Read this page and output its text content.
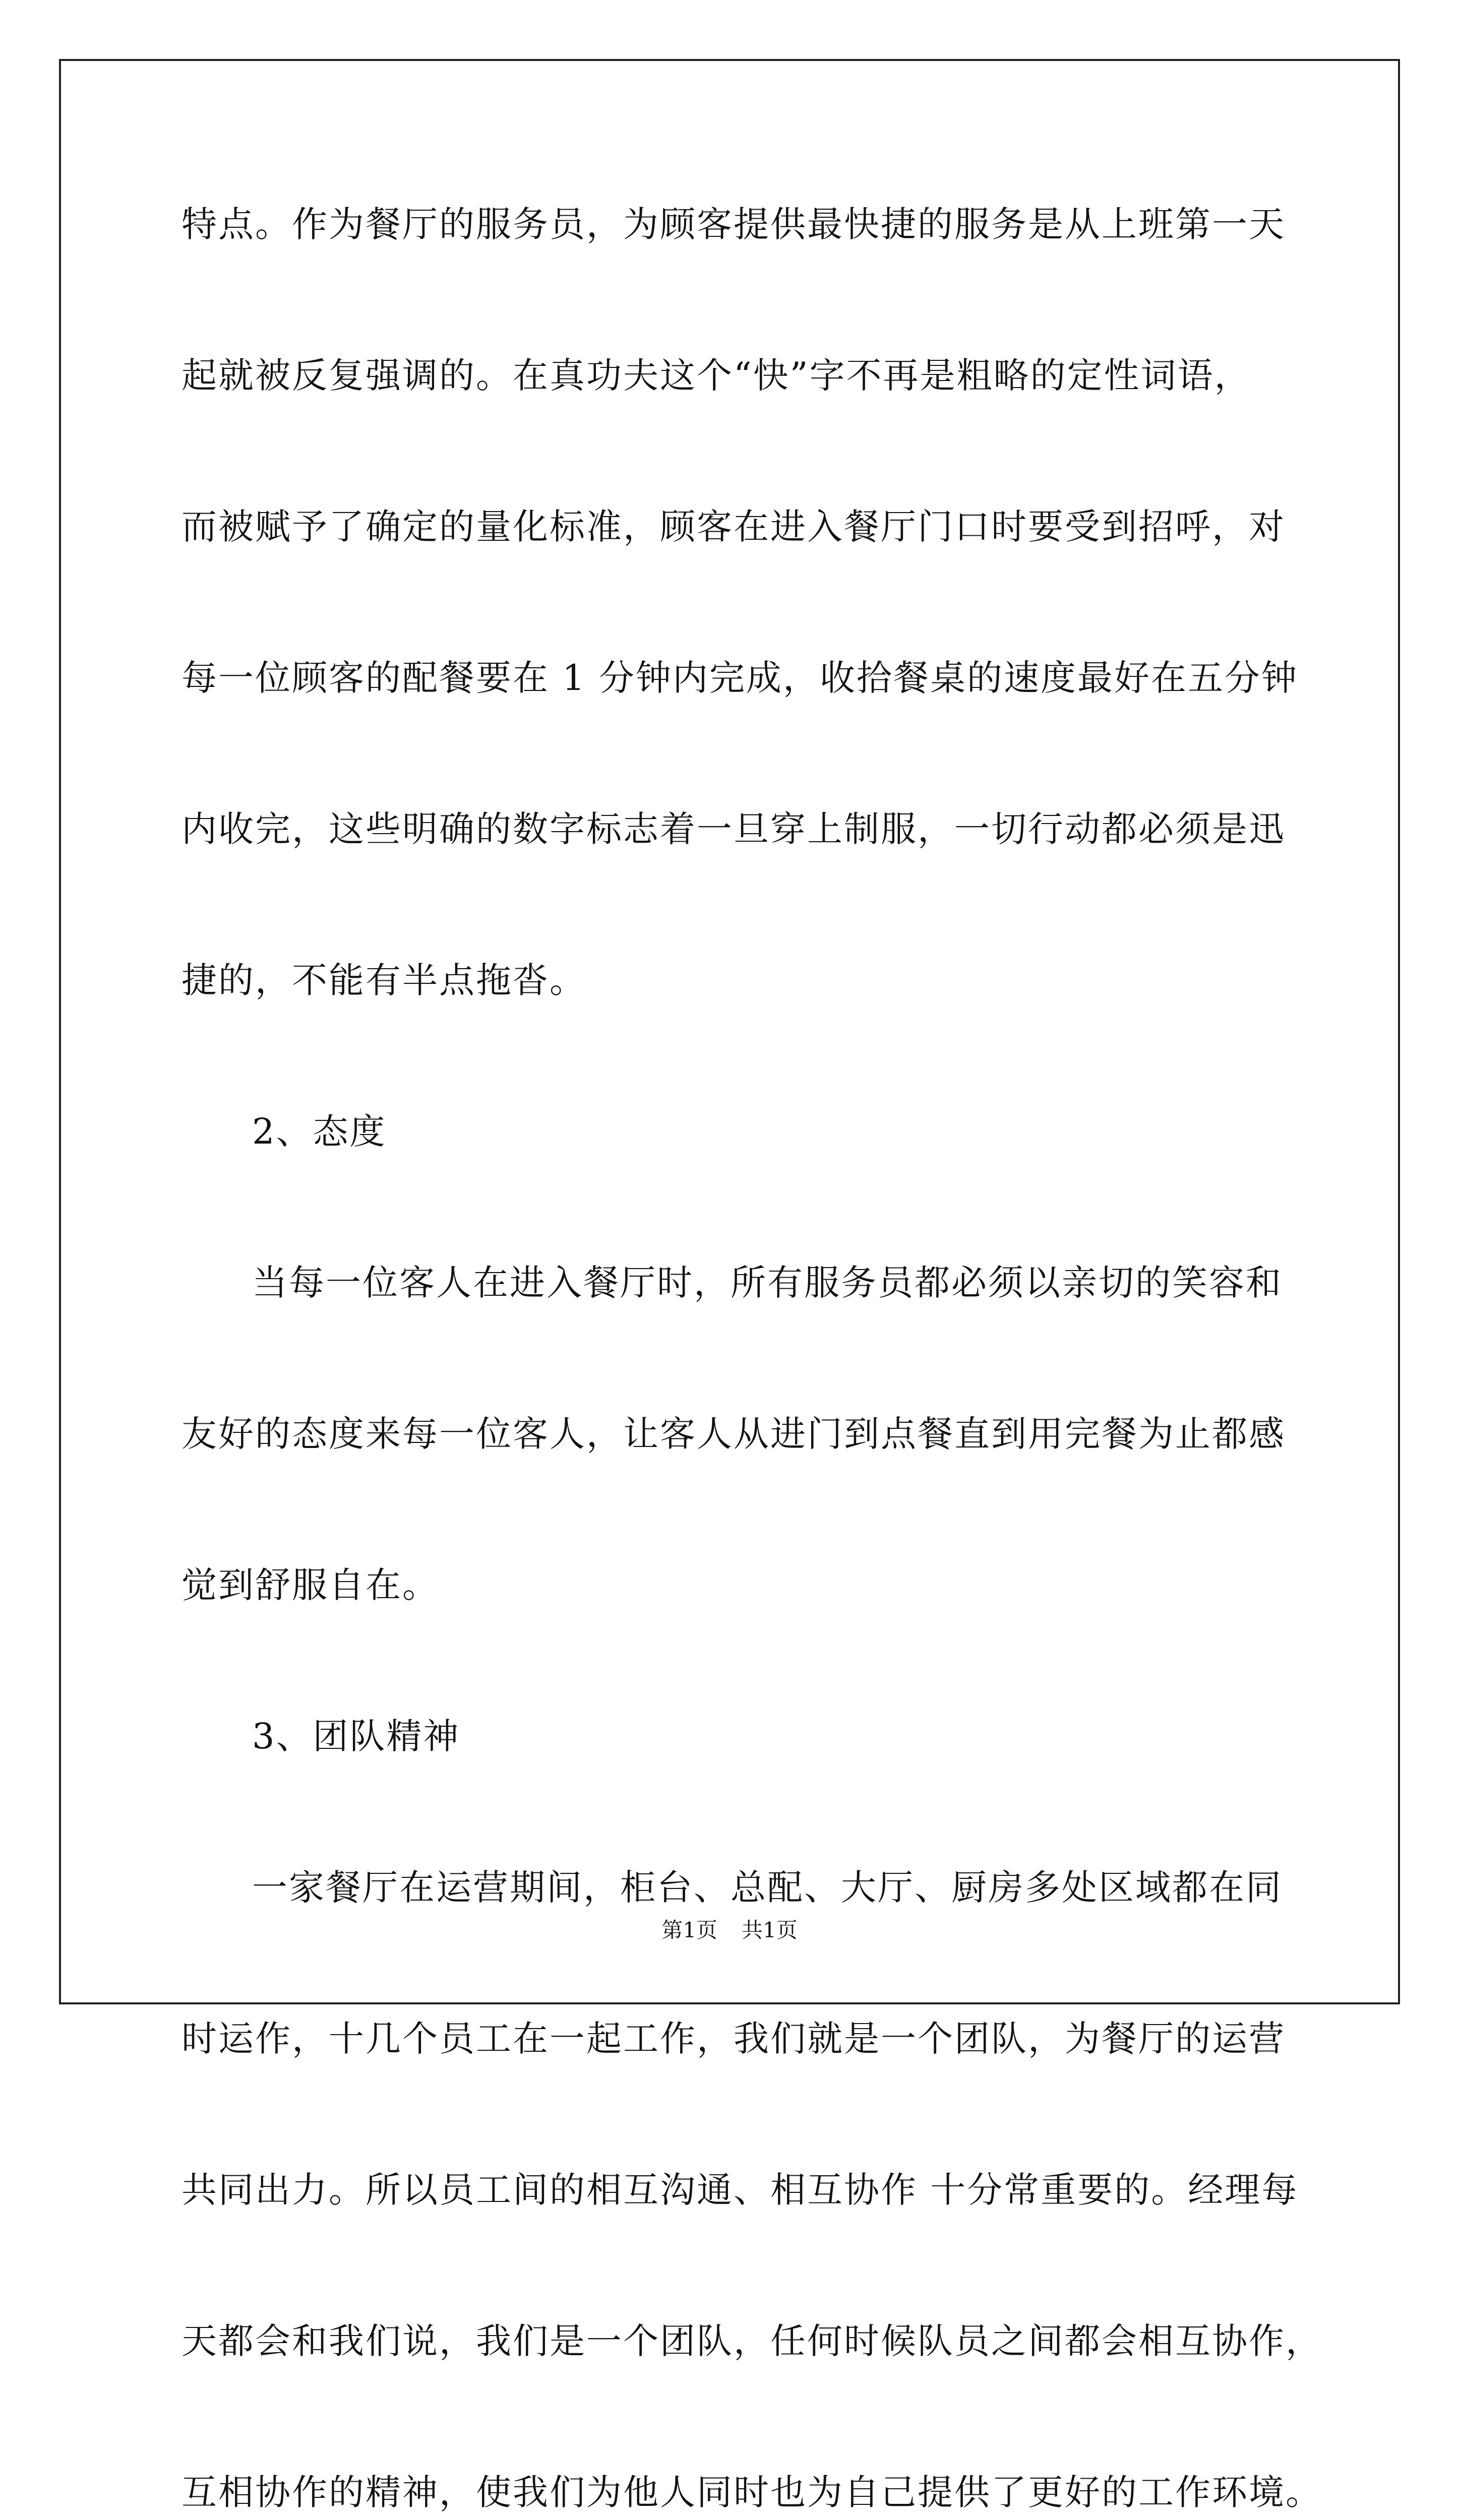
特点。作为餐厅的服务员，为顾客提供最快捷的服务是从上班第一天
起就被反复强调的。在真功夫这个“快”字不再是粗略的定性词语，
而被赋予了确定的量化标准，顾客在进入餐厅门口时要受到招呼，对
每一位顾客的配餐要在 1 分钟内完成，收拾餐桌的速度最好在五分钟
内收完，这些明确的数字标志着一旦穿上制服，一切行动都必须是迅
捷的，不能有半点拖沓。
2、态度
当每一位客人在进入餐厅时，所有服务员都必须以亲切的笑容和
友好的态度来每一位客人，让客人从进门到点餐直到用完餐为止都感
觉到舒服自在。
3、团队精神
一家餐厅在运营期间，柜台、总配、大厅、厨房多处区域都在同
时运作，十几个员工在一起工作，我们就是一个团队，为餐厅的运营
共同出力。所以员工间的相互沟通、相互协作 十分常重要的。经理每
天都会和我们说，我们是一个团队，任何时候队员之间都会相互协作，
互相协作的精神，使我们为他人同时也为自己提供了更好的工作环境。
第1页 共1页
